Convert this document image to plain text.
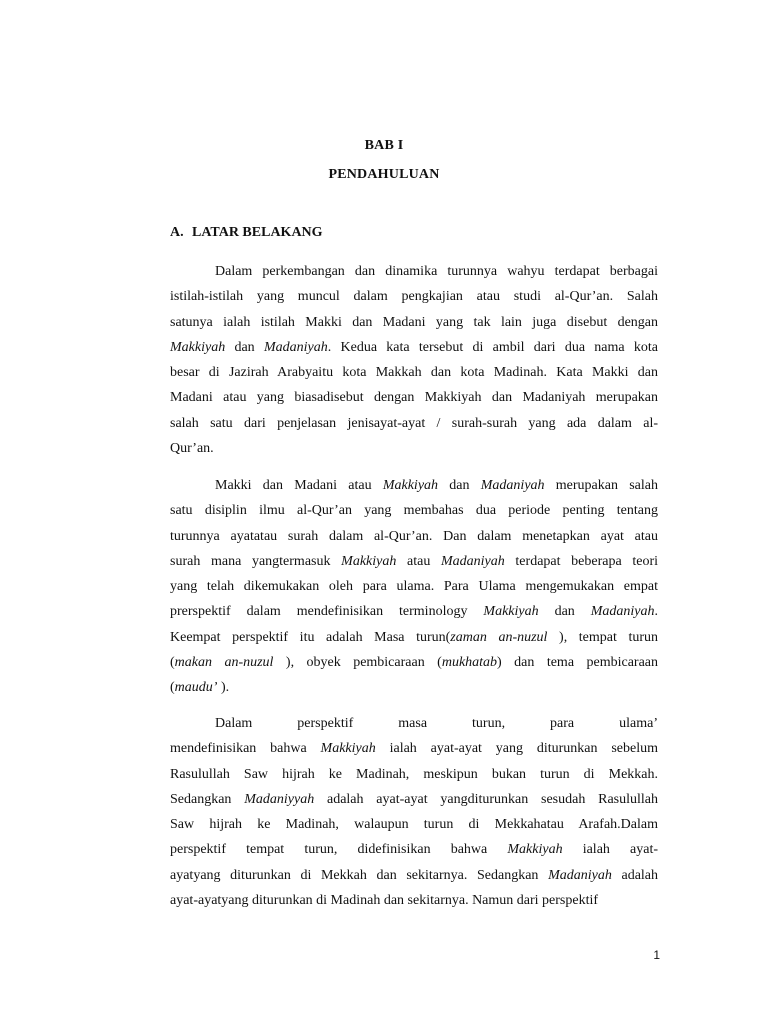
BAB I
PENDAHULUAN
A. LATAR BELAKANG
Dalam perkembangan dan dinamika turunnya wahyu terdapat berbagai
istilah-istilah yang muncul dalam pengkajian atau studi al-Qur’an. Salah
satunya ialah istilah Makki dan Madani yang tak lain juga disebut dengan
Makkiyah dan Madaniyah. Kedua kata tersebut di ambil dari dua nama kota
besar di Jazirah Arabyaitu kota Makkah dan kota Madinah. Kata Makki dan
Madani atau yang biasadisebut dengan Makkiyah dan Madaniyah merupakan
salah satu dari penjelasan jenisayat-ayat / surah-surah yang ada dalam al-
Qur’an.
Makki dan Madani atau Makkiyah dan Madaniyah merupakan salah
satu disiplin ilmu al-Qur’an yang membahas dua periode penting tentang
turunnya ayatatau surah dalam al-Qur’an. Dan dalam menetapkan ayat atau
surah mana yangtermasuk Makkiyah atau Madaniyah terdapat beberapa teori
yang telah dikemukakan oleh para ulama. Para Ulama mengemukakan empat
prerspektif dalam mendefinisikan terminology Makkiyah dan Madaniyah.
Keempat perspektif itu adalah Masa turun(zaman an-nuzul ), tempat turun
(makan an-nuzul ), obyek pembicaraan (mukhatab) dan tema pembicaraan
(maudu’ ).
Dalam perspektif masa turun, para ulama’
mendefinisikan bahwa Makkiyah ialah ayat-ayat yang diturunkan sebelum
Rasulullah Saw hijrah ke Madinah, meskipun bukan turun di Mekkah.
Sedangkan Madaniyyah adalah ayat-ayat yangditurunkan sesudah Rasulullah
Saw hijrah ke Madinah, walaupun turun di Mekkahatau Arafah.Dalam
perspektif tempat turun, didefinisikan bahwa Makkiyah ialah ayat-
ayatyang diturunkan di Mekkah dan sekitarnya. Sedangkan Madaniyah adalah
ayat-ayatyang diturunkan di Madinah dan sekitarnya. Namun dari perspektif
1
